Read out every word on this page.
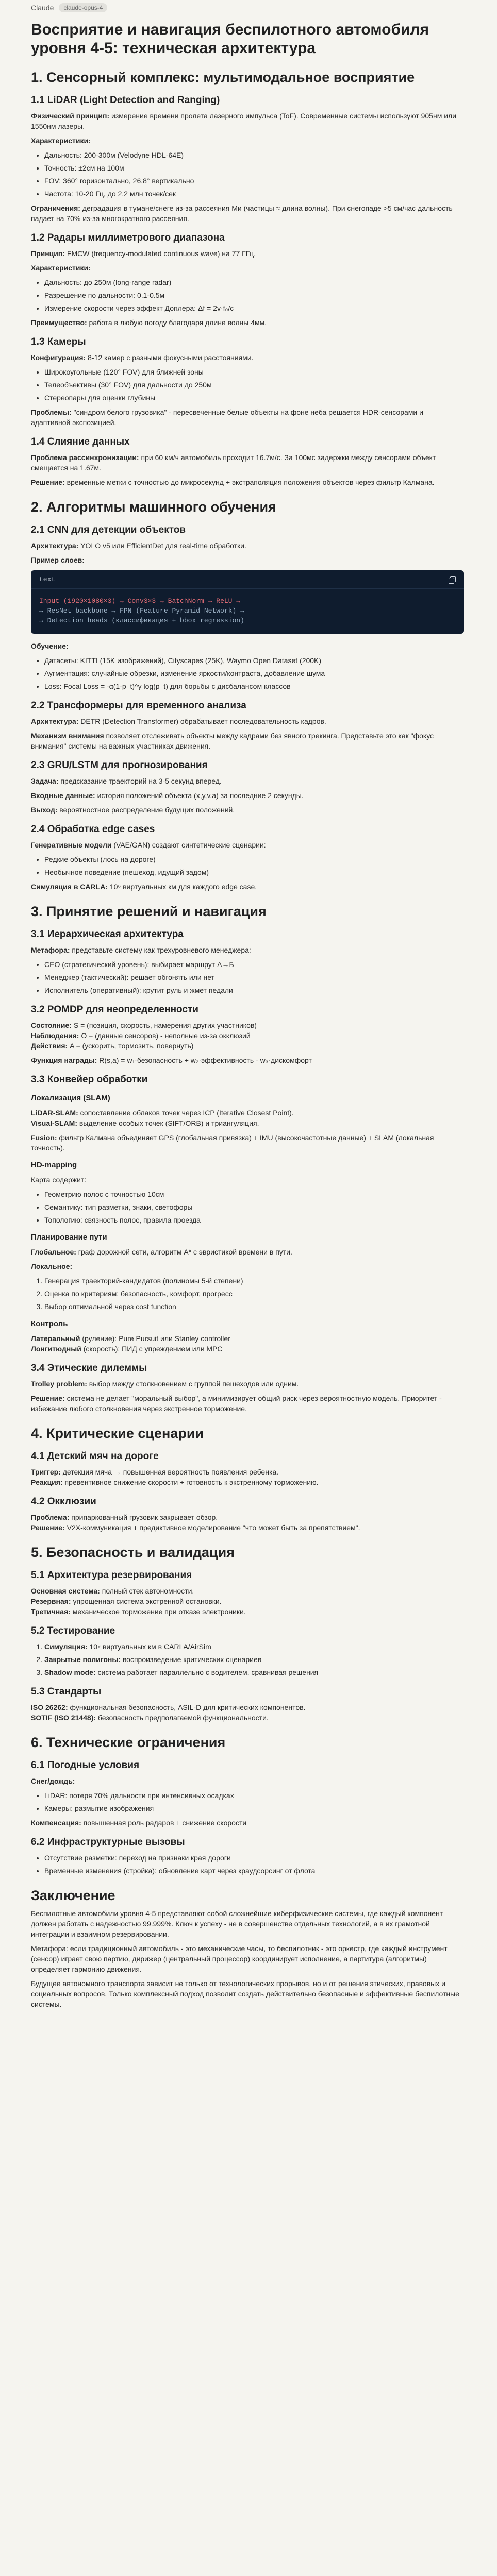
Claude	claude-opus-4
Восприятие и навигация беспилотного автомобиля уровня 4-5: техническая архитектура
1. Сенсорный комплекс: мультимодальное восприятие
1.1 LiDAR (Light Detection and Ranging)

Физический принцип: измерение времени пролета лазерного импульса (ToF). Современные системы используют 905нм или 1550нм лазеры.

Характеристики:

• Дальность: 200-300м (Velodyne HDL-64E)
• Точность: ±2см на 100м
• FOV: 360° горизонтально, 26.8° вертикально
• Частота: 10-20 Гц, до 2.2 млн точек/сек

Ограничения: деградация в тумане/снеге из-за рассеяния Ми (частицы ≈ длина волны). При снегопаде >5 см/час дальность падает на 70% из-за многократного рассеяния.

1.2 Радары миллиметрового диапазона

Принцип: FMCW (frequency-modulated continuous wave) на 77 ГГц.

Характеристики:

• Дальность: до 250м (long-range radar)
• Разрешение по дальности: 0.1-0.5м
• Измерение скорости через эффект Доплера: Δf = 2v·f₀/c

Преимущество: работа в любую погоду благодаря длине волны 4мм.

1.3 Камеры

Конфигурация: 8-12 камер с разными фокусными расстояниями.

• Широкоугольные (120° FOV) для ближней зоны
• Телеобъективы (30° FOV) для дальности до 250м
• Стереопары для оценки глубины

Проблемы: "синдром белого грузовика" - пересвеченные белые объекты на фоне неба решается HDR-сенсорами и адаптивной экспозицией.

1.4 Слияние данных

Проблема рассинхронизации: при 60 км/ч автомобиль проходит 16.7м/с. За 100мс задержки между сенсорами объект смещается на 1.67м.

Решение: временные метки с точностью до микросекунд + экстраполяция положения объектов через фильтр Калмана.

2. Алгоритмы машинного обучения
2.1 CNN для детекции объектов

Архитектура: YOLO v5 или EfficientDet для real-time обработки.

Пример слоев:

text
Input (1920×1080×3) → Conv3×3 → BatchNorm → ReLU →
→ ResNet backbone → FPN (Feature Pyramid Network) →
→ Detection heads (классификация + bbox regression)

Обучение:

• Датасеты: KITTI (15K изображений), Cityscapes (25K), Waymo Open Dataset (200K)
• Аугментация: случайные обрезки, изменение яркости/контраста, добавление шума
• Loss: Focal Loss = -α(1-p_t)^γ log(p_t) для борьбы с дисбалансом классов
2.2 Трансформеры для временного анализа

Архитектура: DETR (Detection Transformer) обрабатывает последовательность кадров.

Механизм внимания позволяет отслеживать объекты между кадрами без явного трекинга. Представьте это как "фокус внимания" системы на важных участниках движения.

2.3 GRU/LSTM для прогнозирования

Задача: предсказание траекторий на 3-5 секунд вперед.

Входные данные: история положений объекта (x,y,v,a) за последние 2 секунды.

Выход: вероятностное распределение будущих положений.

2.4 Обработка edge cases

Генеративные модели (VAE/GAN) создают синтетические сценарии:

• Редкие объекты (лось на дороге)
• Необычное поведение (пешеход, идущий задом)

Симуляция в CARLA: 10⁶ виртуальных км для каждого edge case.

3. Принятие решений и навигация
3.1 Иерархическая архитектура

Метафора: представьте систему как трехуровневого менеджера:

• CEO (стратегический уровень): выбирает маршрут А→Б
• Менеджер (тактический): решает обгонять или нет
• Исполнитель (оперативный): крутит руль и жмет педали
3.2 POMDP для неопределенности

Состояние: S = (позиция, скорость, намерения других участников)

Наблюдения: O = (данные сенсоров) - неполные из-за окклюзий

Действия: A = (ускорить, тормозить, повернуть)

Функция награды: R(s,a) = w₁·безопасность + w₂·эффективность - w₃·дискомфорт

3.3 Конвейер обработки
Локализация (SLAM)

LiDAR-SLAM: сопоставление облаков точек через ICP (Iterative Closest Point).

Visual-SLAM: выделение особых точек (SIFT/ORB) и триангуляция.

Fusion: фильтр Калмана объединяет GPS (глобальная привязка) + IMU (высокочастотные данные) + SLAM (локальная точность).

HD-mapping

Карта содержит:

• Геометрию полос с точностью 10см
• Семантику: тип разметки, знаки, светофоры
• Топологию: связность полос, правила проезда
Планирование пути

Глобальное: граф дорожной сети, алгоритм A* с эвристикой времени в пути.

Локальное:

1. Генерация траекторий-кандидатов (полиномы 5-й степени)
2. Оценка по критериям: безопасность, комфорт, прогресс
3. Выбор оптимальной через cost function
Контроль

Латеральный (руление): Pure Pursuit или Stanley controller

Лонгитюдный (скорость): ПИД с упреждением или MPC

3.4 Этические дилеммы

Trolley problem: выбор между столкновением с группой пешеходов или одним.

Решение: система не делает "моральный выбор", а минимизирует общий риск через вероятностную модель. Приоритет - избежание любого столкновения через экстренное торможение.

4. Критические сценарии
4.1 Детский мяч на дороге

Триггер: детекция мяча → повышенная вероятность появления ребенка.

Реакция: превентивное снижение скорости + готовность к экстренному торможению.

4.2 Окклюзии

Проблема: припаркованный грузовик закрывает обзор.

Решение: V2X-коммуникация + предиктивное моделирование "что может быть за препятствием".

5. Безопасность и валидация
5.1 Архитектура резервирования

Основная система: полный стек автономности.

Резервная: упрощенная система экстренной остановки.

Третичная: механическое торможение при отказе электроники.

5.2 Тестирование
1. Симуляция: 10⁹ виртуальных км в CARLA/AirSim
2. Закрытые полигоны: воспроизведение критических сценариев
3. Shadow mode: система работает параллельно с водителем, сравнивая решения
5.3 Стандарты

ISO 26262: функциональная безопасность, ASIL-D для критических компонентов.

SOTIF (ISO 21448): безопасность предполагаемой функциональности.

6. Технические ограничения
6.1 Погодные условия

Снег/дождь:

• LiDAR: потеря 70% дальности при интенсивных осадках
• Камеры: размытие изображения

Компенсация: повышенная роль радаров + снижение скорости

6.2 Инфраструктурные вызовы
• Отсутствие разметки: переход на признаки края дороги
• Временные изменения (стройка): обновление карт через краудсорсинг от флота
Заключение

Беспилотные автомобили уровня 4-5 представляют собой сложнейшие киберфизические системы, где каждый компонент должен работать с надежностью 99.999%. Ключ к успеху - не в совершенстве отдельных технологий, а в их грамотной интеграции и взаимном резервировании.

Метафора: если традиционный автомобиль - это механические часы, то беспилотник - это оркестр, где каждый инструмент (сенсор) играет свою партию, дирижер (центральный процессор) координирует исполнение, а партитура (алгоритмы) определяет гармонию движения.

Будущее автономного транспорта зависит не только от технологических прорывов, но и от решения этических, правовых и социальных вопросов. Только комплексный подход позволит создать действительно безопасные и эффективные беспилотные системы.
